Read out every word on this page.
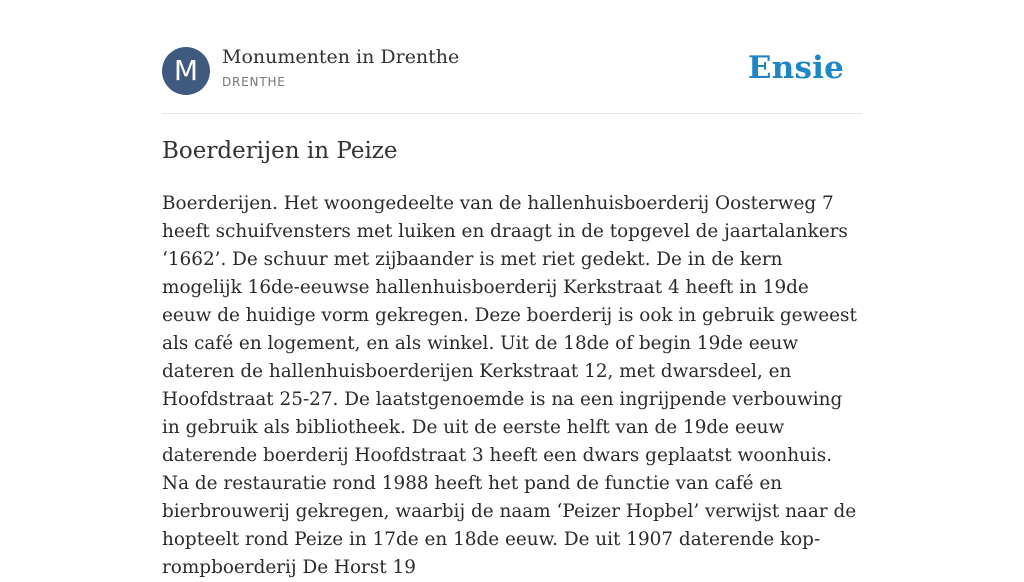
M	Monumenten in Drenthe
DRENTHE	Ensie
Boerderijen in Peize

Boerderijen. Het woongedeelte van de hallenhuisboerderij Oosterweg 7 heeft schuifvensters met luiken en draagt in de topgevel de jaartalankers ‘1662’. De schuur met zijbaander is met riet gedekt. De in de kern mogelijk 16de-eeuwse hallenhuisboerderij Kerkstraat 4 heeft in 19de eeuw de huidige vorm gekregen. Deze boerderij is ook in gebruik geweest als café en logement, en als winkel. Uit de 18de of begin 19de eeuw dateren de hallenhuisboerderijen Kerkstraat 12, met dwarsdeel, en Hoofdstraat 25-27. De laatstgenoemde is na een ingrijpende verbouwing in gebruik als bibliotheek. De uit de eerste helft van de 19de eeuw daterende boerderij Hoofdstraat 3 heeft een dwars geplaatst woonhuis. Na de restauratie rond 1988 heeft het pand de functie van café en bierbrouwerij gekregen, waarbij de naam ‘Peizer Hopbel’ verwijst naar de hopteelt rond Peize in 17de en 18de eeuw. De uit 1907 daterende kop-rompboerderij De Horst 19
